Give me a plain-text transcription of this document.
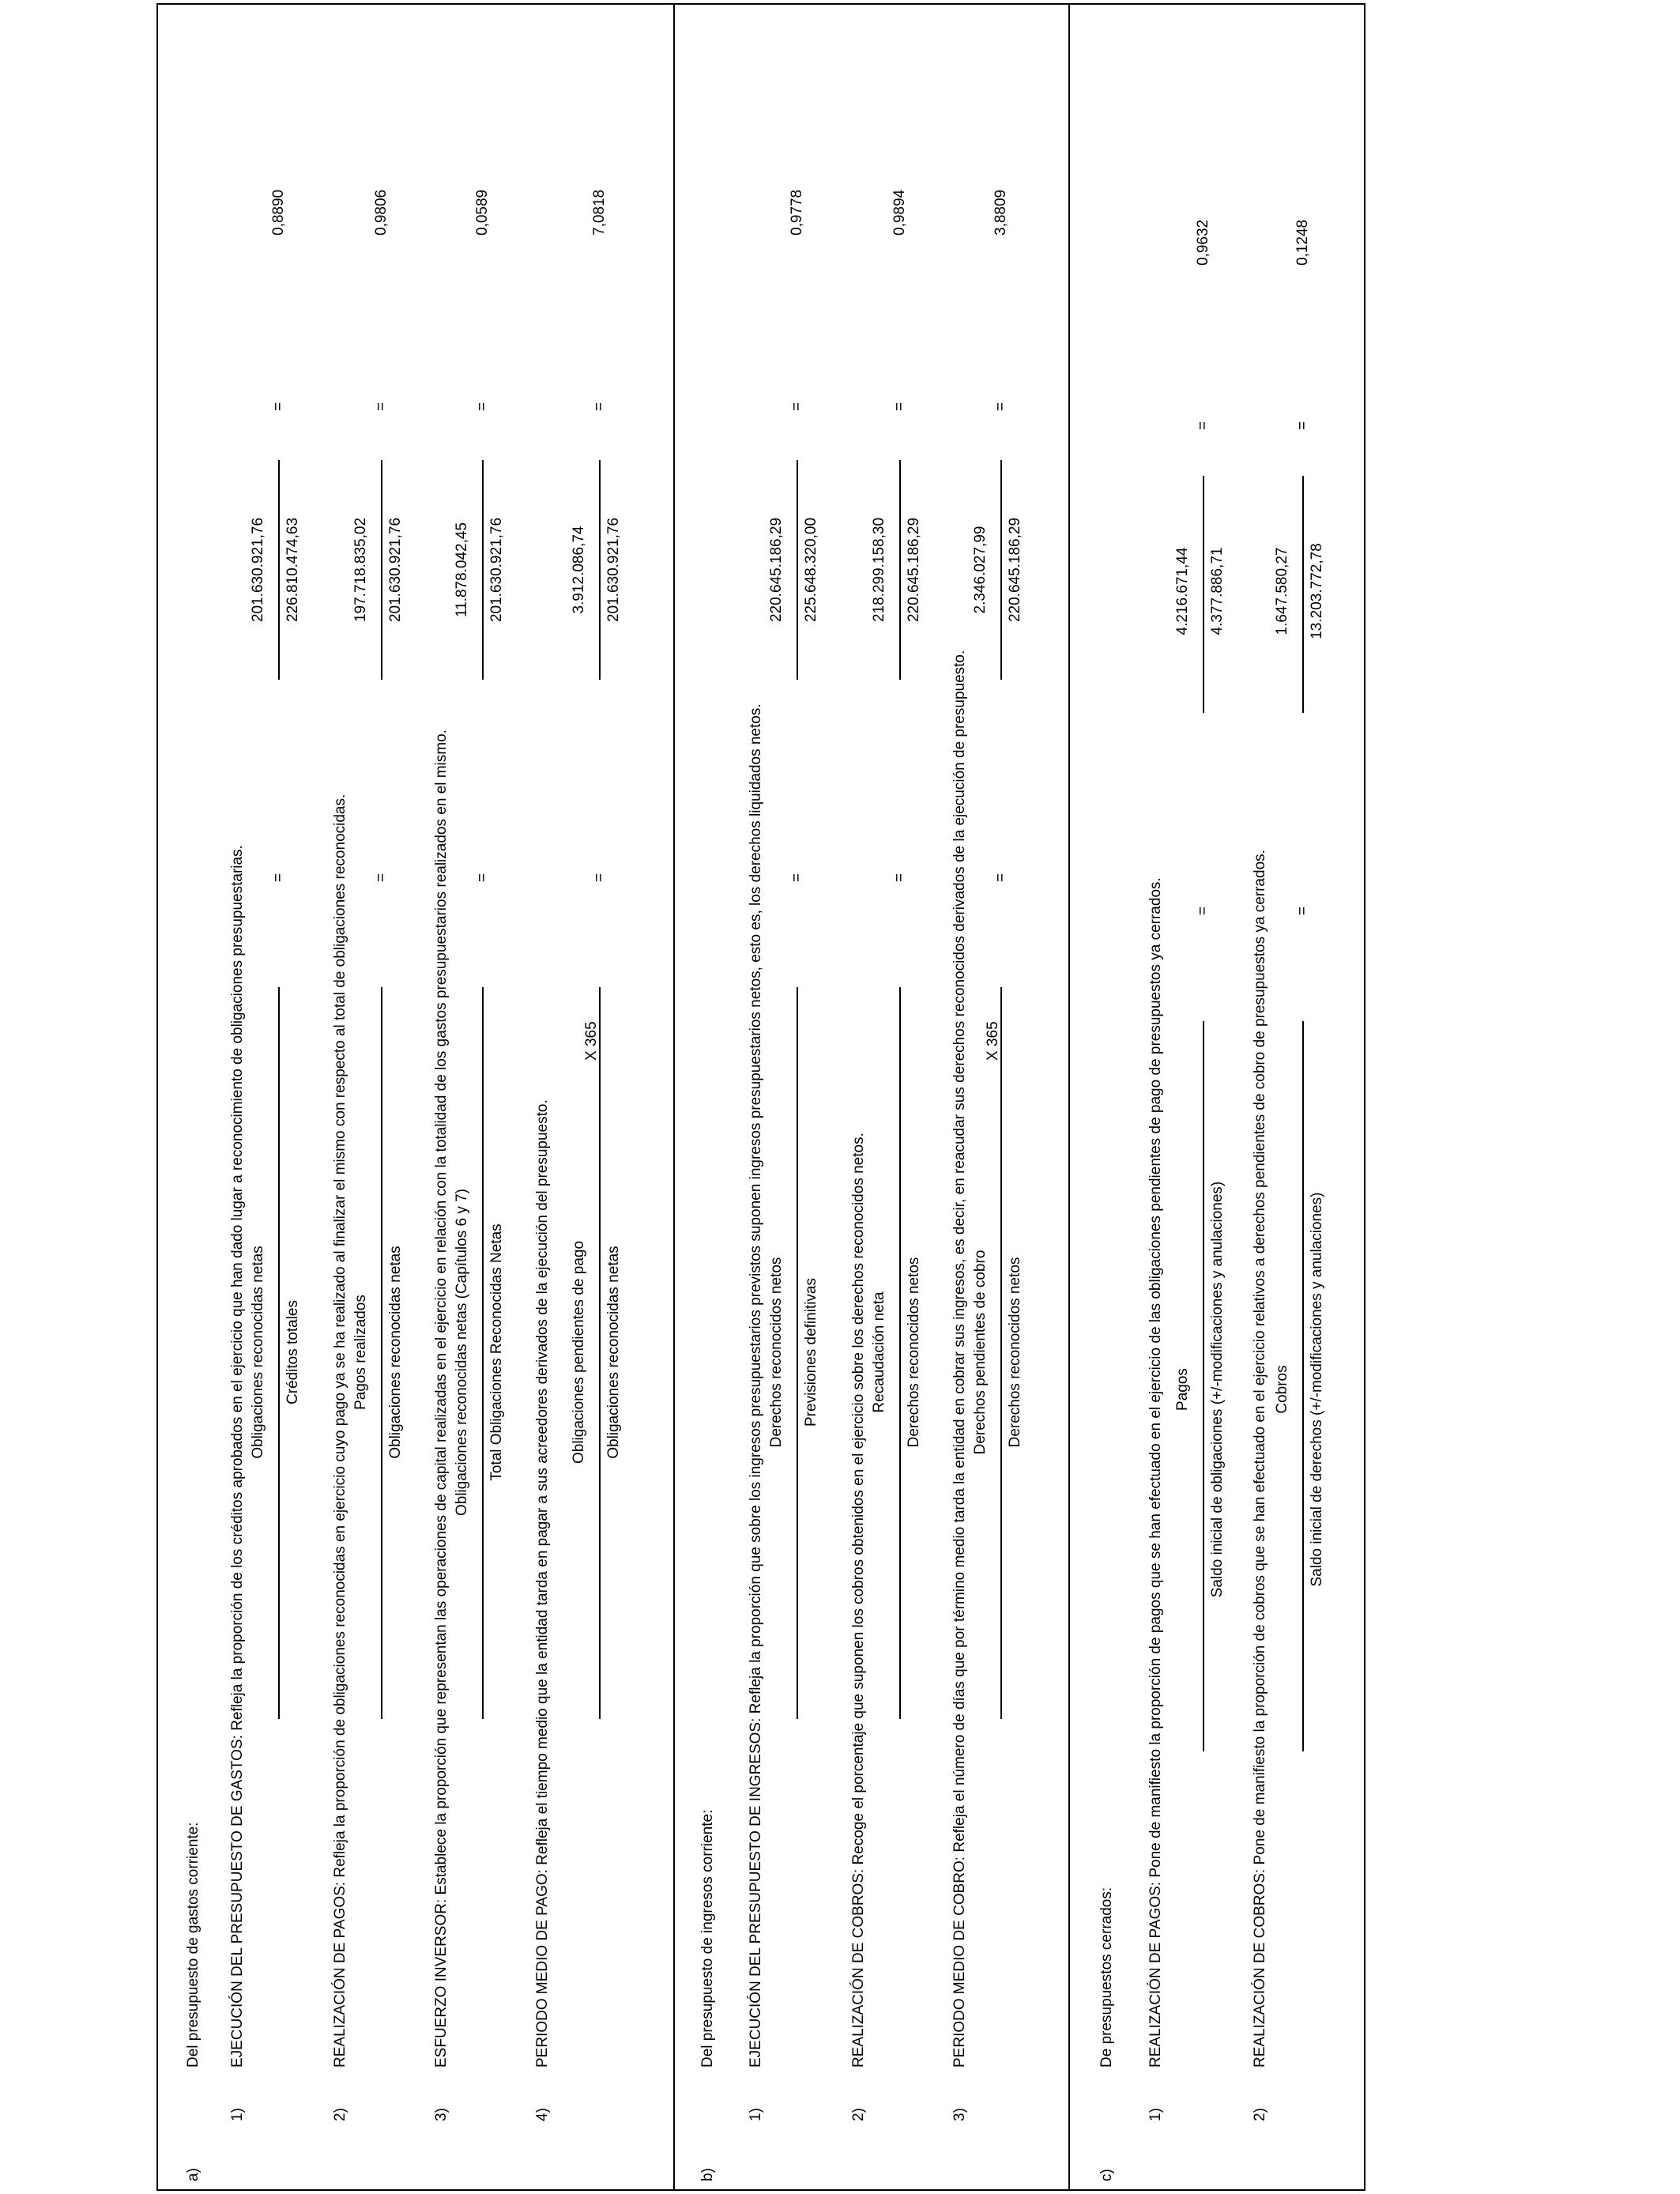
a)
Del presupuesto de gastos corriente:
1)
EJECUCIÓN DEL PRESUPUESTO DE GASTOS: Refleja la proporción de los créditos aprobados en el ejercicio que han dado lugar a reconocimiento de obligaciones presupuestarias. Obligaciones reconocidas netas Créditos totales
=
201.630.921,76 226.810.474,63
=
0,8890
2)
REALIZACIÓN DE PAGOS: Refleja la proporción de obligaciones reconocidas en ejercicio cuyo pago ya se ha realizado al finalizar el mismo con respecto al total de obligaciones reconocidas. Pagos realizados Obligaciones reconocidas netas
=
197.718.835,02 201.630.921,76
=
0,9806
3)
ESFUERZO INVERSOR: Establece la proporción que representan las operaciones de capital realizadas en el ejercicio en relación con la totalidad de los gastos presupuestarios realizados en el mismo. Obligaciones reconocidas netas (Capítulos 6 y 7) Total Obligaciones Reconocidas Netas
=
11.878.042,45 201.630.921,76
=
0,0589
4)
PERIODO MEDIO DE PAGO: Refleja el tiempo medio que la entidad tarda en pagar a sus acreedores derivados de la ejecución del presupuesto. Obligaciones pendientes de pago Obligaciones reconocidas netas
X 365
=
3.912.086,74 201.630.921,76
=
7,0818
b)
Del presupuesto de ingresos corriente:
1)
EJECUCIÓN DEL PRESUPUESTO DE INGRESOS: Refleja la proporción que sobre los ingresos presupuestarios previstos suponen ingresos presupuestarios netos, esto es, los derechos liquidados netos. Derechos reconocidos netos Previsiones definitivas
=
220.645.186,29 225.648.320,00
=
0,9778
2)
REALIZACIÓN DE COBROS: Recoge el porcentaje que suponen los cobros obtenidos en el ejercicio sobre los derechos reconocidos netos. Recaudación neta Derechos reconocidos netos
=
218.299.158,30 220.645.186,29
=
0,9894
3)
PERIODO MEDIO DE COBRO: Refleja el número de días que por término medio tarda la entidad en cobrar sus ingresos, es decir, en reacudar sus derechos reconocidos derivados de la ejecución de presupuesto. Derechos pendientes de cobro Derechos reconocidos netos
X 365
=
2.346.027,99 220.645.186,29
=
3,8809
c)
De presupuestos cerrados:
1)
REALIZACIÓN DE PAGOS: Pone de manifiesto la proporción de pagos que se han efectuado en el ejercicio de las obligaciones pendientes de pago de presupuestos ya cerrados. Pagos Saldo inicial de obligaciones (+/-modificaciones y anulaciones)
=
4.216.671,44 4.377.886,71
=
0,9632
2)
REALIZACIÓN DE COBROS: Pone de manifiesto la proporción de cobros que se han efectuado en el ejercicio relativos a derechos pendientes de cobro de presupuestos ya cerrados. Cobros Saldo inicial de derechos (+/-modificaciones y anulaciones)
=
1.647.580,27 13.203.772,78
=
0,1248
